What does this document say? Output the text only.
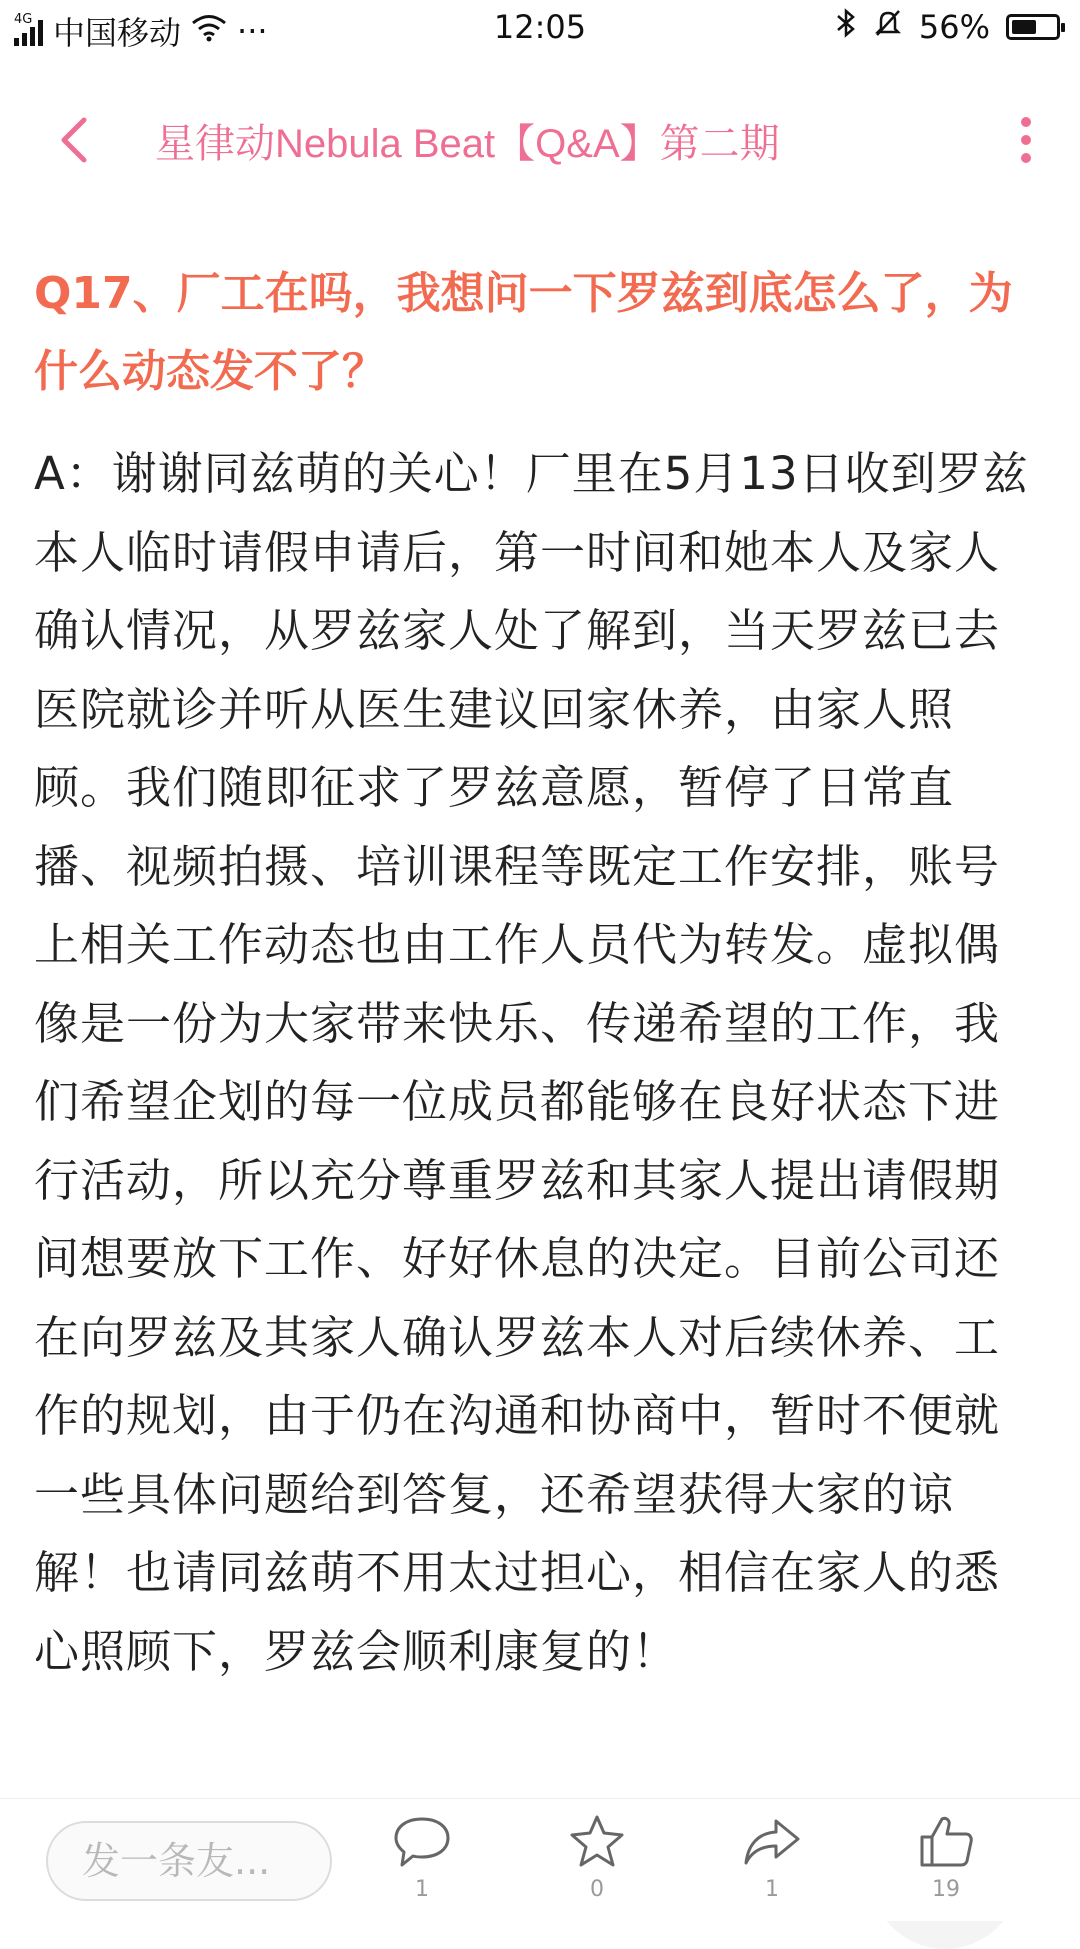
4G 中国移动 ···	12:05	56%
星律动Nebula Beat【Q&A】第二期
Q17、厂工在吗，我想问一下罗兹到底怎么了，为什么动态发不了？
A：谢谢同兹萌的关心！厂里在5月13日收到罗兹本人临时请假申请后，第一时间和她本人及家人确认情况，从罗兹家人处了解到，当天罗兹已去医院就诊并听从医生建议回家休养，由家人照顾。我们随即征求了罗兹意愿，暂停了日常直播、视频拍摄、培训课程等既定工作安排，账号上相关工作动态也由工作人员代为转发。虚拟偶像是一份为大家带来快乐、传递希望的工作，我们希望企划的每一位成员都能够在良好状态下进行活动，所以充分尊重罗兹和其家人提出请假期间想要放下工作、好好休息的决定。目前公司还在向罗兹及其家人确认罗兹本人对后续休养、工作的规划，由于仍在沟通和协商中，暂时不便就一些具体问题给到答复，还希望获得大家的谅解！也请同兹萌不用太过担心，相信在家人的悉心照顾下，罗兹会顺利康复的！
发一条友...
1	0	1	19
